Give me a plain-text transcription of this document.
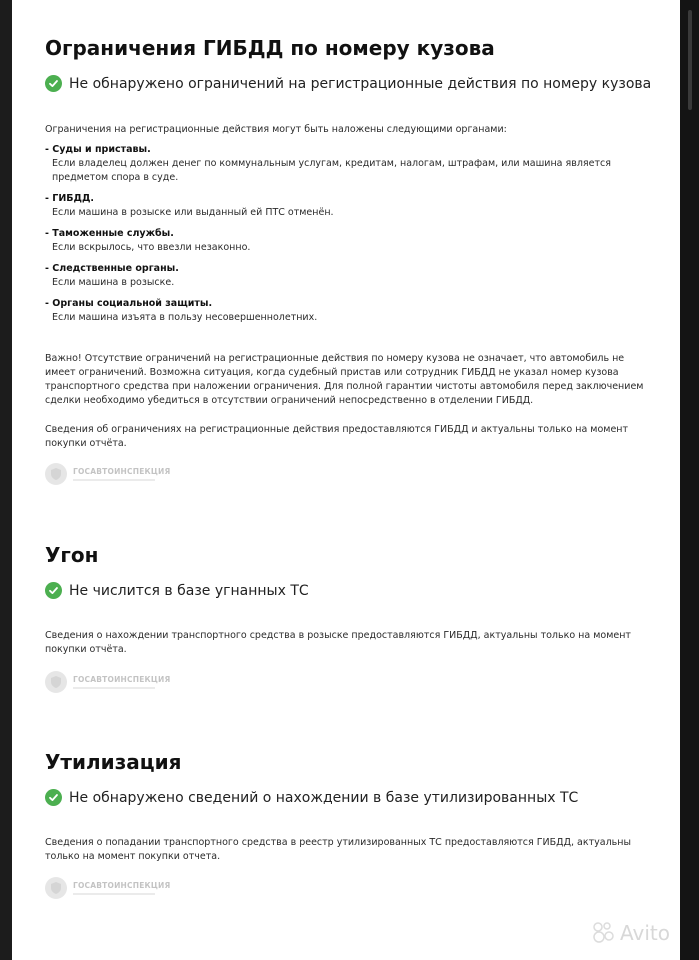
Ограничения ГИБДД по номеру кузова
Не обнаружено ограничений на регистрационные действия по номеру кузова

Ограничения на регистрационные действия могут быть наложены следующими органами:

- Суды и приставы.
Если владелец должен денег по коммунальным услугам, кредитам, налогам, штрафам, или машина является предметом спора в суде.
- ГИБДД.
Если машина в розыске или выданный ей ПТС отменён.
- Таможенные службы.
Если вскрылось, что ввезли незаконно.
- Следственные органы.
Если машина в розыске.
- Органы социальной защиты.
Если машина изъята в пользу несовершеннолетних.

Важно! Отсутствие ограничений на регистрационные действия по номеру кузова не означает, что автомобиль не имеет ограничений. Возможна ситуация, когда судебный пристав или сотрудник ГИБДД не указал номер кузова транспортного средства при наложении ограничения. Для полной гарантии чистоты автомобиля перед заключением сделки необходимо убедиться в отсутствии ограничений непосредственно в отделении ГИБДД.

Сведения об ограничениях на регистрационные действия предоставляются ГИБДД и актуальны только на момент покупки отчёта.

ГОСАВТОИНСПЕКЦИЯ
Угон
Не числится в базе угнанных ТС

Сведения о нахождении транспортного средства в розыске предоставляются ГИБДД, актуальны только на момент покупки отчёта.

ГОСАВТОИНСПЕКЦИЯ
Утилизация
Не обнаружено сведений о нахождении в базе утилизированных ТС

Сведения о попадании транспортного средства в реестр утилизированных ТС предоставляются ГИБДД, актуальны только на момент покупки отчета.

ГОСАВТОИНСПЕКЦИЯ
Avito
